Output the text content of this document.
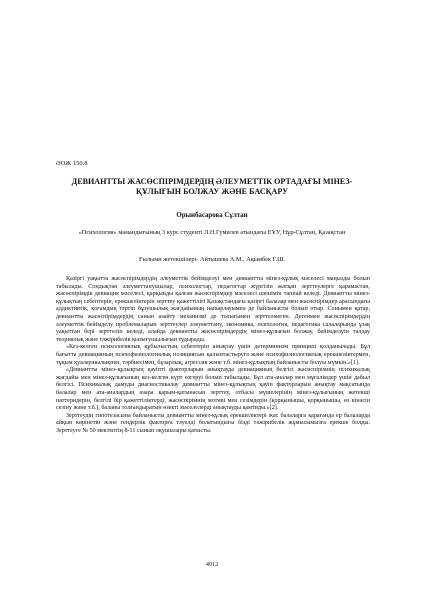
ӘОЖ 150.8
ДЕВИАНТТЫ ЖАСӨСПІРІМДЕРДІҢ ӘЛЕУМЕТТІК ОРТАДАҒЫ МІНЕЗ-ҚҰЛЫҒЫН БОЛЖАУ ЖӘНЕ БАСҚАРУ
Орынбасарова Сұлтан
«Психология» мамандығының 3 курс студенті Л.Н.Гумилев атындағы ЕҰУ, Нұр-Сұлтан, Қазақстан
Ғылыми жетекшілері- Айтышева А.М., Ақымбек Г.Ш.

Қазіргі уақытта жасөспірімдердің әлеуметтік бейімделуі мен девиантты мінез-құлық мәселесі маңызды болып табылады. Сондықтан әлеуметтанушылар, психологтар, педагогтар жүргізіп жатқан зерттеулерге қарамастан, жасөспірімдік девиация мәселесі, қарқынды қалған жасөспірімдер мәселесі шешімін таппай келеді. Девиантты мінез-құлықтың себептерін, ерекшеліктерін зерттеу қажеттілігі Қазақстандағы қазіргі балалар мен жасөспірімдер арасындағы аддиктивтік, қоғамдық тәртіп бұзушылық жағдайының нашарлауымен де байланысты болып отыр. Сонымен қатар, девиантты жасөспірімдердің санын азайту механизмі де толығымен зерттелмеген. Дегенмен жасөспірімдердің әлеуметтік бейімделу проблемаларын зерттеулер әлеуметтану, экономика, психология, педагогика салаларында ұзақ уақыттан бері зерттеліп келеді, алайда девиантты жасөспірімдердің мінез-құлығын болжау, бейімделуін талдау теориялық және тәжірибелік қызығушылығын тудырады.

«Кез-келген психологиялық құбылыстың себептерін анықтау үшін детерминизм принципі қолданылады. Бұл бағытта девиацияның психофизиологиялық позициясын қалыптастыруға және психофизиологиялық ерекшеліктермен, тұқым қуалаушылықпен, тәрбиесімен, бұзарлық, агрессия және т.б. мінез-құлықтың байланысты болуы мүмкін.»[1].

«Девиантты мінез-құлықтың қауіпті факторларын анықтауда девиацияның белгісі жасөспірімнің психикалық жағдайы мен мінез-құлығының кез-келген күрт өзгеруі болып табылады. Бұл ата-аналар мен мұғалімдер үшін дабыл белгісі. Психикалық дамуды диагностикалау девиантты мінез-құлықтың қауіп факторларын анықтау мақсатында балалар мен ата-аналардың өзара қарым-қатынасын зерттеу, отбасы мүшелерінің мінез-құлығының жетекші паттерндерін, белгілі бір қажеттіліктерді, жасөспірімнің мотиві мен сезімдерін (қорқынышы, қорқынышы, өз кінәсін сезіну және т.б.), баланы толғандыратын өзекті мәселелерді анықтауды қамтиды.»[2].

Зерттеудің гипотезасына байланысты девиантты мінез-құлық ерекшеліктері жас балаларға қарағанда ер балаларда айқын көрінетін және гендерлік факторға тәуелді болатындығы бізді тәжірибелік жұмысымызға ерекше болды. Зерттеуге № 50 мектептің 8-11 сынып оқушылары қатысты.

4912
